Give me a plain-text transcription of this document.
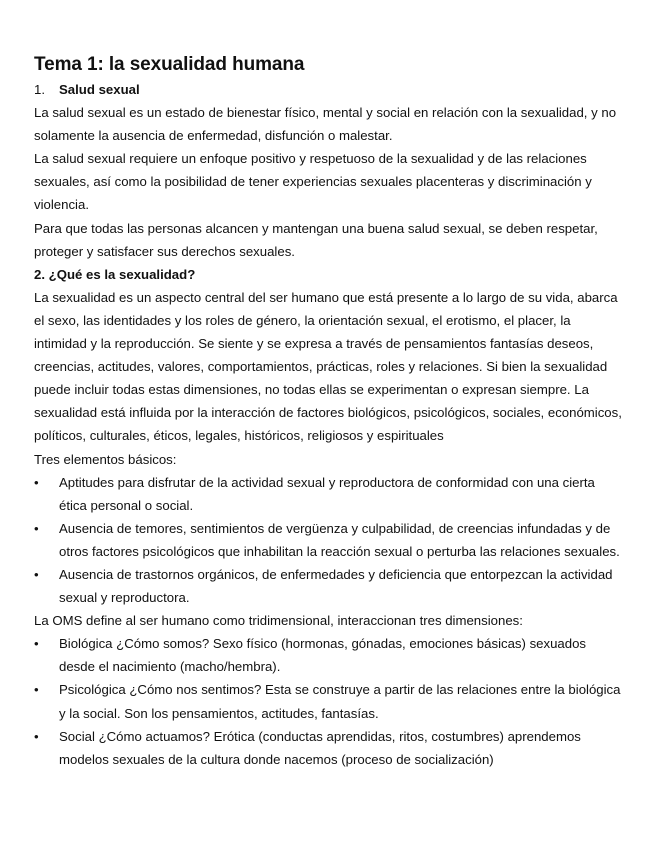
Tema 1: la sexualidad humana
1. Salud sexual

La salud sexual es un estado de bienestar físico, mental y social en relación con la sexualidad, y no solamente la ausencia de enfermedad, disfunción o malestar.

La salud sexual requiere un enfoque positivo y respetuoso de la sexualidad y de las relaciones sexuales, así como la posibilidad de tener experiencias sexuales placenteras y discriminación y violencia.

Para que todas las personas alcancen y mantengan una buena salud sexual, se deben respetar, proteger y satisfacer sus derechos sexuales.

2. ¿Qué es la sexualidad?

La sexualidad es un aspecto central del ser humano que está presente a lo largo de su vida, abarca el sexo, las identidades y los roles de género, la orientación sexual, el erotismo, el placer, la intimidad y la reproducción. Se siente y se expresa a través de pensamientos fantasías deseos, creencias, actitudes, valores, comportamientos, prácticas, roles y relaciones. Si bien la sexualidad puede incluir todas estas dimensiones, no todas ellas se experimentan o expresan siempre. La sexualidad está influida por la interacción de factores biológicos, psicológicos, sociales, económicos, políticos, culturales, éticos, legales, históricos, religiosos y espirituales

Tres elementos básicos:

• Aptitudes para disfrutar de la actividad sexual y reproductora de conformidad con una cierta ética personal o social.
• Ausencia de temores, sentimientos de vergüenza y culpabilidad, de creencias infundadas y de otros factores psicológicos que inhabilitan la reacción sexual o perturba las relaciones sexuales.
• Ausencia de trastornos orgánicos, de enfermedades y deficiencia que entorpezcan la actividad sexual y reproductora.

La OMS define al ser humano como tridimensional, interaccionan tres dimensiones:

• Biológica ¿Cómo somos? Sexo físico (hormonas, gónadas, emociones básicas) sexuados desde el nacimiento (macho/hembra).
• Psicológica ¿Cómo nos sentimos? Esta se construye a partir de las relaciones entre la biológica y la social. Son los pensamientos, actitudes, fantasías.
• Social ¿Cómo actuamos? Erótica (conductas aprendidas, ritos, costumbres) aprendemos modelos sexuales de la cultura donde nacemos (proceso de socialización)
